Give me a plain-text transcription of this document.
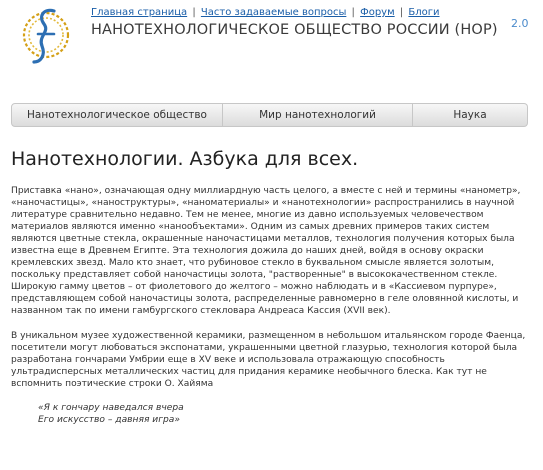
Главная страница | Часто задаваемые вопросы | Форум | Блоги
НАНОТЕХНОЛОГИЧЕСКОЕ ОБЩЕСТВО РОССИИ (НОР) 2.0
Нанотехнологическое общество	Мир нанотехнологий	Наука
Нанотехнологии. Азбука для всех.

Приставка «нано», означающая одну миллиардную часть целого, а вместе с ней и термины «нанометр», «наночастицы», «наноструктуры», «наноматериалы» и «нанотехнологии» распространились в научной литературе сравнительно недавно. Тем не менее, многие из давно используемых человечеством материалов являются именно «нанообъектами». Одним из самых древних примеров таких систем являются цветные стекла, окрашенные наночастицами металлов, технология получения которых была известна еще в Древнем Египте. Эта технология дожила до наших дней, войдя в основу окраски кремлевских звезд. Мало кто знает, что рубиновое стекло в буквальном смысле является золотым, поскольку представляет собой наночастицы золота, "растворенные" в высококачественном стекле. Широкую гамму цветов – от фиолетового до желтого – можно наблюдать и в «Кассиевом пурпуре», представляющем собой наночастицы золота, распределенные равномерно в геле оловянной кислоты, и названном так по имени гамбургского стекловара Андреаса Кассия (XVII век).

В уникальном музее художественной керамики, размещенном в небольшом итальянском городе Фаенца, посетители могут любоваться экспонатами, украшенными цветной глазурью, технология которой была разработана гончарами Умбрии еще в XV веке и использовала отражающую способность ультрадисперсных металлических частиц для придания керамике необычного блеска. Как тут не вспомнить поэтические строки О. Хайяма

«Я к гончару наведался вчера
Его искусство – давняя игра»
